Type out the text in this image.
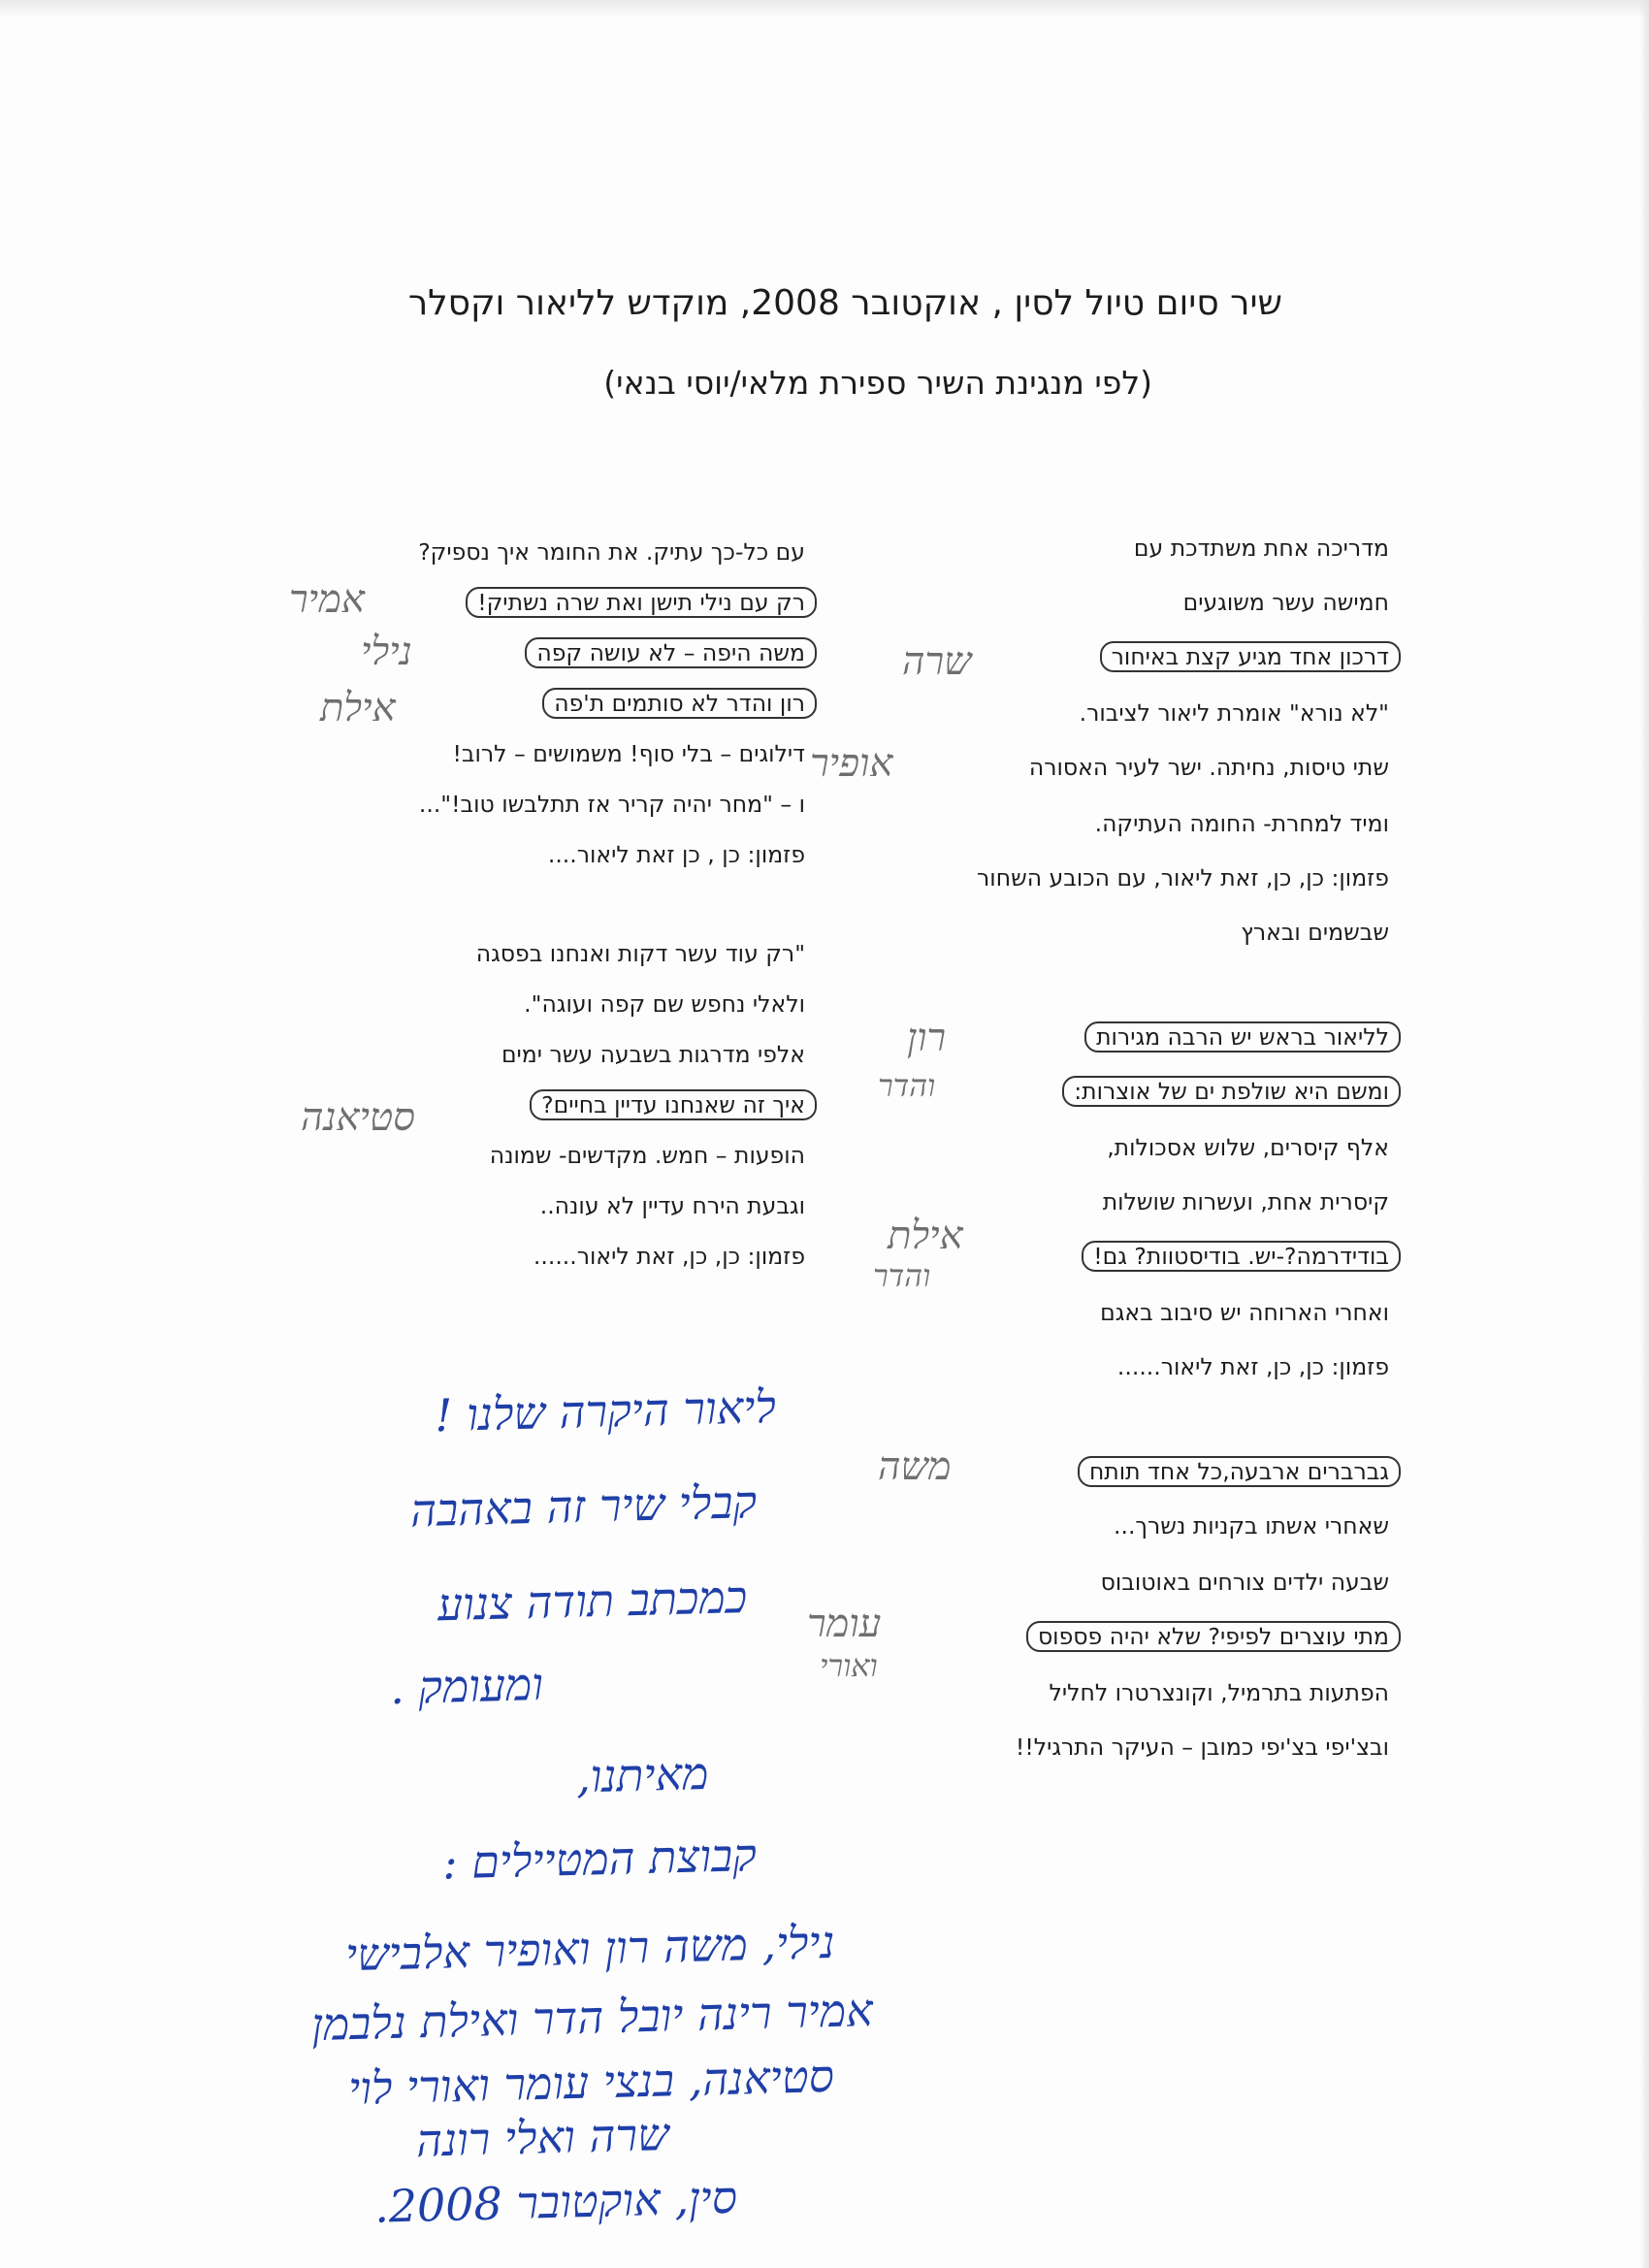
שיר סיום טיול לסין , אוקטובר 2008, מוקדש לליאור וקסלר

(לפי מנגינת השיר ספירת מלאי/יוסי בנאי)

מדריכה אחת משתדכת עם
חמישה עשר משוגעים
דרכון אחד מגיע קצת באיחור
"לא נורא" אומרת ליאור לציבור.
שתי טיסות, נחיתה. ישר לעיר האסורה
ומיד למחרת- החומה העתיקה.
פזמון: כן, כן, זאת ליאור, עם הכובע השחור
שבשמים ובארץ
לליאור בראש יש הרבה מגירות
ומשם היא שולפת ים של אוצרות:
אלף קיסרים, שלוש אסכולות,
קיסרית אחת, ועשרות שושלות
בודידרמה?-יש. בודיסטוות? גם!
ואחרי הארוחה יש סיבוב באגם
פזמון: כן, כן, זאת ליאור......
גברברים ארבעה,כל אחד תותח
שאחרי אשתו בקניות נשרך...
שבעה ילדים צורחים באוטובוס
מתי עוצרים לפיפי? שלא יהיה פספוס
הפתעות בתרמיל, וקונצרטרו לחליל
ובצ'יפי בצ'יפי כמובן – העיקר התרגיל!!
עם כל-כך עתיק. את החומר איך נספיק?
רק עם נילי תישן ואת שרה נשתיק!
משה היפה – לא עושה קפה
רון והדר לא סותמים ת'פה
דילוגים – בלי סוף! משמושים – לרוב!
ו – "מחר יהיה קריר אז תתלבשו טוב!"...
פזמון: כן , כן זאת ליאור....
"רק עוד עשר דקות ואנחנו בפסגה
ולאלי נחפש שם קפה ועוגה".
אלפי מדרגות בשבעה עשר ימים
איך זה שאנחנו עדיין בחיים?
הופעות – חמש. מקדשים- שמונה
וגבעת הירח עדיין לא עונה..
פזמון: כן, כן, זאת ליאור......
שרה
אופיר
רון
והדר
אילת
והדר
משה
עומר
ואורי
אמיר
נילי
אילת
סטיאנה
ליאור היקרה שלנו !
קבלי שיר זה באהבה
כמכתב תודה צנוע
ומעומק .
מאיתנו,
קבוצת המטיילים :
נילי, משה רון ואופיר אלבישי
אמיר רינה יובל הדר ואילת נלבמן
סטיאנה, בנצי עומר ואורי לוי
שרה ואלי רונה
סין, אוקטובר 2008.
